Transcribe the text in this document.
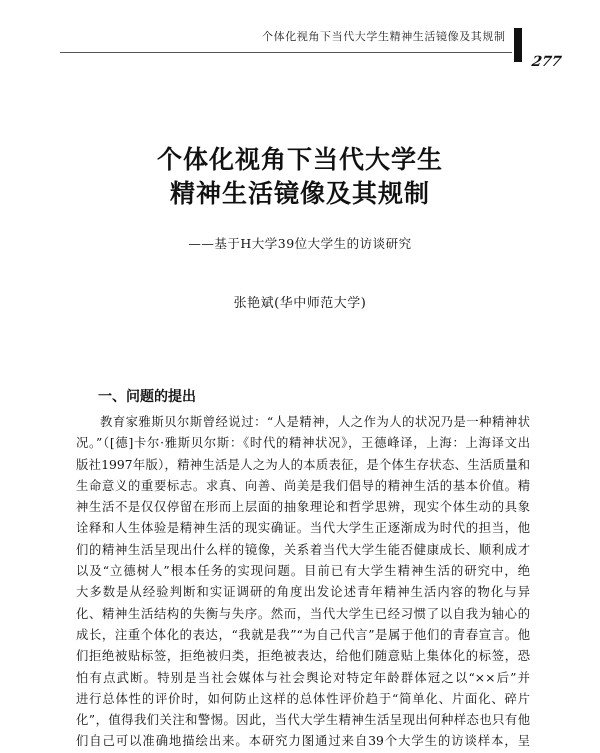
个体化视角下当代大学生精神生活镜像及其规制
277
个体化视角下当代大学生
精神生活镜像及其规制
——基于H大学39位大学生的访谈研究
张艳斌(华中师范大学)
一、问题的提出
教育家雅斯贝尔斯曾经说过：“人是精神，人之作为人的状况乃是一种精神状
况。”（[德]卡尔·雅斯贝尔斯：《时代的精神状况》，王德峰译，上海：上海译文出
版社1997年版），精神生活是人之为人的本质表征，是个体生存状态、生活质量和
生命意义的重要标志。求真、向善、尚美是我们倡导的精神生活的基本价值。精
神生活不是仅仅停留在形而上层面的抽象理论和哲学思辨，现实个体生动的具象
诠释和人生体验是精神生活的现实确证。当代大学生正逐渐成为时代的担当，他
们的精神生活呈现出什么样的镜像，关系着当代大学生能否健康成长、顺利成才
以及“立德树人”根本任务的实现问题。目前已有大学生精神生活的研究中，绝
大多数是从经验判断和实证调研的角度出发论述青年精神生活内容的物化与异
化、精神生活结构的失衡与失序。然而，当代大学生已经习惯了以自我为轴心的
成长，注重个体化的表达，“我就是我”“为自己代言”是属于他们的青春宣言。他
们拒绝被贴标签，拒绝被归类，拒绝被表达，给他们随意贴上集体化的标签，恐
怕有点武断。特别是当社会媒体与社会舆论对特定年龄群体冠之以“××后”并
进行总体性的评价时，如何防止这样的总体性评价趋于“简单化、片面化、碎片
化”，值得我们关注和警惕。因此，当代大学生精神生活呈现出何种样态也只有他
们自己可以准确地描绘出来。本研究力图通过来自39个大学生的访谈样本，呈
